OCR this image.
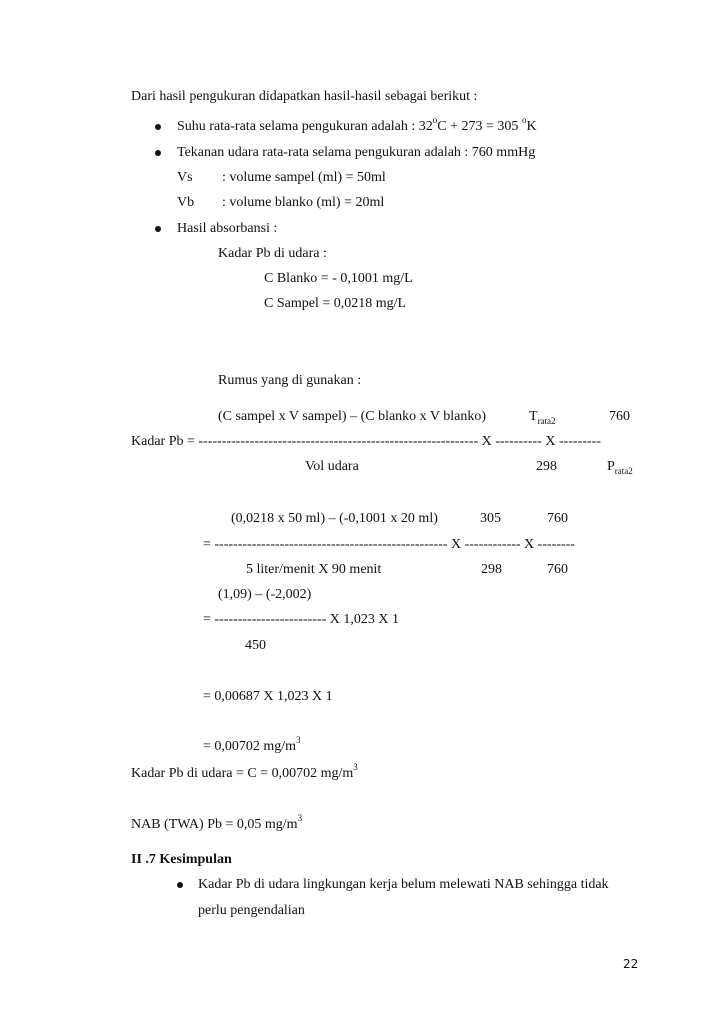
Dari hasil pengukuran didapatkan hasil-hasil sebagai berikut :
Suhu rata-rata selama pengukuran adalah : $32^oC + 273 = 305$ $^o$K
Tekanan udara rata-rata selama pengukuran adalah : 760 mmHg
Vs : volume sampel (ml) = 50ml
Vb : volume blanko (ml) = 20ml
Hasil absorbansi :
Kadar Pb di udara :
C Blanko = - 0,1001 mg/L
C Sampel = 0,0218 mg/L
Rumus yang di gunakan :
(C sampel x V sampel) – (C blanko x V blanko)	$T_{rata2}$	760
Kadar Pb = ------------------------------------------------------------ X ---------- X ---------
Vol udara	298	$P_{rata2}$
(0,0218 x 50 ml) – (-0,1001 x 20 ml)	305	760
= -------------------------------------------------- X ------------ X --------
5 liter/menit X 90 menit	298	760
(1,09) – (-2,002)
= ------------------------ X 1,023 X 1
450
= 0,00687 X 1,023 X 1
= 0,00702 $mg/m^3$
Kadar Pb di udara = C = 0,00702 $mg/m^3$
NAB (TWA) Pb = 0,05 $mg/m^3$
II .7 Kesimpulan
Kadar Pb di udara lingkungan kerja belum melewati NAB sehingga tidak
perlu pengendalian
22
